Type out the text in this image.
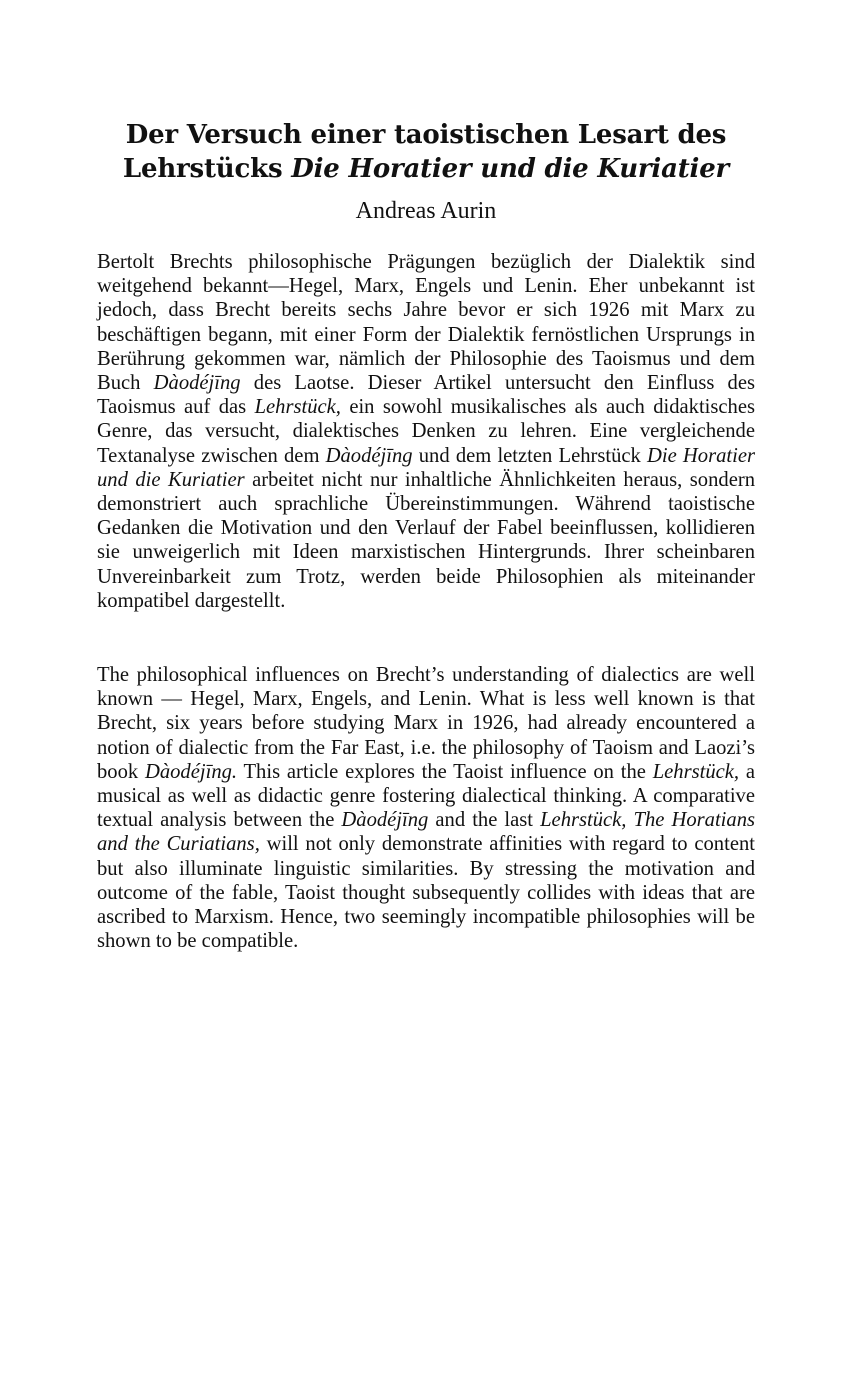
Der Versuch einer taoistischen Lesart des
Lehrstücks Die Horatier und die Kuriatier
Andreas Aurin

Bertolt Brechts philosophische Prägungen bezüglich der Dialektik sind weitgehend bekannt—Hegel, Marx, Engels und Lenin. Eher unbekannt ist jedoch, dass Brecht bereits sechs Jahre bevor er sich 1926 mit Marx zu beschäftigen begann, mit einer Form der Dialektik fernöstlichen Ursprungs in Berührung gekommen war, nämlich der Philosophie des Taoismus und dem Buch Dàodéjīng des Laotse. Dieser Artikel untersucht den Einfluss des Taoismus auf das Lehrstück, ein sowohl musikalisches als auch didaktisches Genre, das versucht, dialektisches Denken zu lehren. Eine vergleichende Textanalyse zwischen dem Dàodéjīng und dem letzten Lehrstück Die Horatier und die Kuriatier arbeitet nicht nur inhaltliche Ähnlichkeiten heraus, sondern demonstriert auch sprachliche Übereinstimmungen. Während taoistische Gedanken die Motivation und den Verlauf der Fabel beeinflussen, kollidieren sie unweigerlich mit Ideen marxistischen Hintergrunds. Ihrer scheinbaren Unvereinbarkeit zum Trotz, werden beide Philosophien als miteinander kompatibel dargestellt.

The philosophical influences on Brecht’s understanding of dialectics are well known — Hegel, Marx, Engels, and Lenin. What is less well known is that Brecht, six years before studying Marx in 1926, had already encountered a notion of dialectic from the Far East, i.e. the philosophy of Taoism and Laozi’s book Dàodéjīng. This article explores the Taoist influence on the Lehrstück, a musical as well as didactic genre fostering dialectical thinking. A comparative textual analysis between the Dàodéjīng and the last Lehrstück, The Horatians and the Curiatians, will not only demonstrate affinities with regard to content but also illuminate linguistic similarities. By stressing the motivation and outcome of the fable, Taoist thought subsequently collides with ideas that are ascribed to Marxism. Hence, two seemingly incompatible philosophies will be shown to be compatible.
